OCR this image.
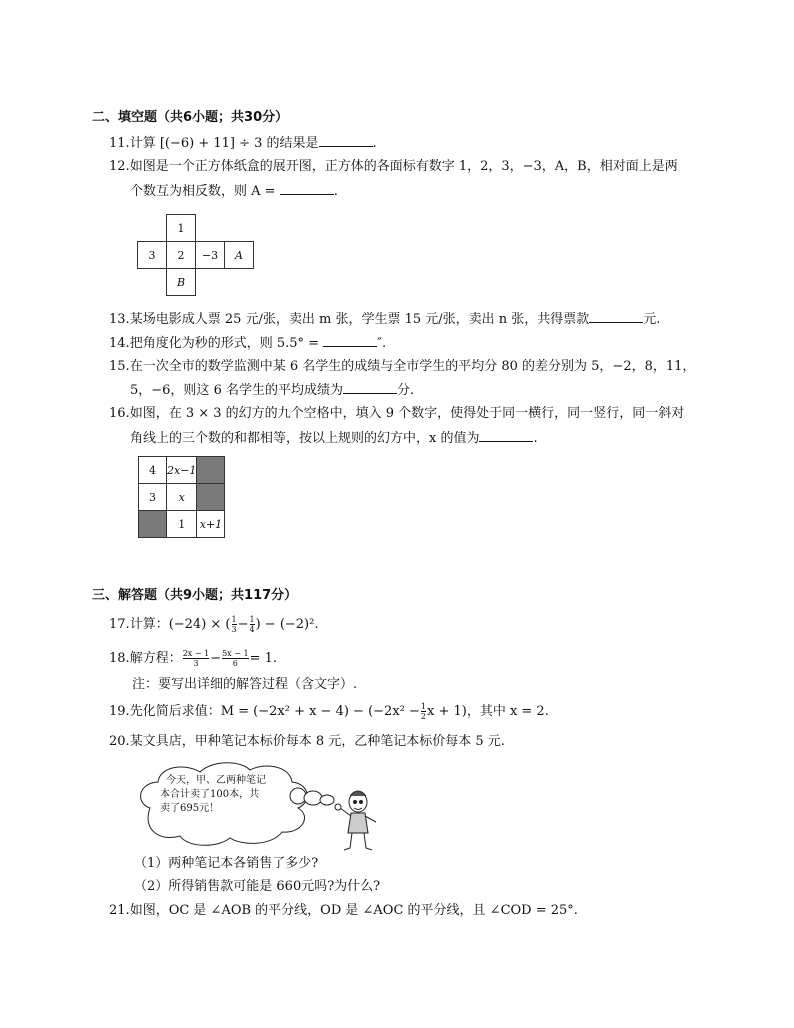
二、填空题（共6小题；共30分）
11.计算 [(−6) + 11] ÷ 3 的结果是	.
12.如图是一个正方体纸盒的展开图，正方体的各面标有数字 1，2，3，−3，A，B，相对面上是两
个数互为相反数，则 A =	.
	1		
3	2	−3	A
	B		
13.某场电影成人票 25 元/张，卖出 m 张，学生票 15 元/张，卖出 n 张，共得票款	元.
14.把角度化为秒的形式，则 5.5° =	″.
15.在一次全市的数学监测中某 6 名学生的成绩与全市学生的平均分 80 的差分别为 5，−2，8，11，
5，−6，则这 6 名学生的平均成绩为	分.
16.如图，在 3 × 3 的幻方的九个空格中，填入 9 个数字，使得处于同一横行，同一竖行，同一斜对
角线上的三个数的和都相等，按以上规则的幻方中，x 的值为	.
4	2x−1	
3	x	
	1	x+1
三、解答题（共9小题；共117分）
17.计算：(−24) × ( $\frac{1}{3} - \frac{1}{4}$ ) − (−2)².
18.解方程： $\frac{2x - 1}{3} - \frac{5x - 1}{6} = 1$.
注：要写出详细的解答过程（含文字）.
19.先化简后求值：$M = (-2x^2 + x - 4) - (-2x^2 - \frac{1}{2}$ x + 1)，其中 x = 2.
20.某文具店，甲种笔记本标价每本 8 元，乙种笔记本标价每本 5 元.
今天，甲、乙两种笔记
本合计卖了100本，共
卖了695元！
（1）两种笔记本各销售了多少?
（2）所得销售款可能是 660元吗?为什么?
21.如图，OC 是 ∠AOB 的平分线，OD 是 ∠AOC 的平分线，且 ∠COD = 25°.
